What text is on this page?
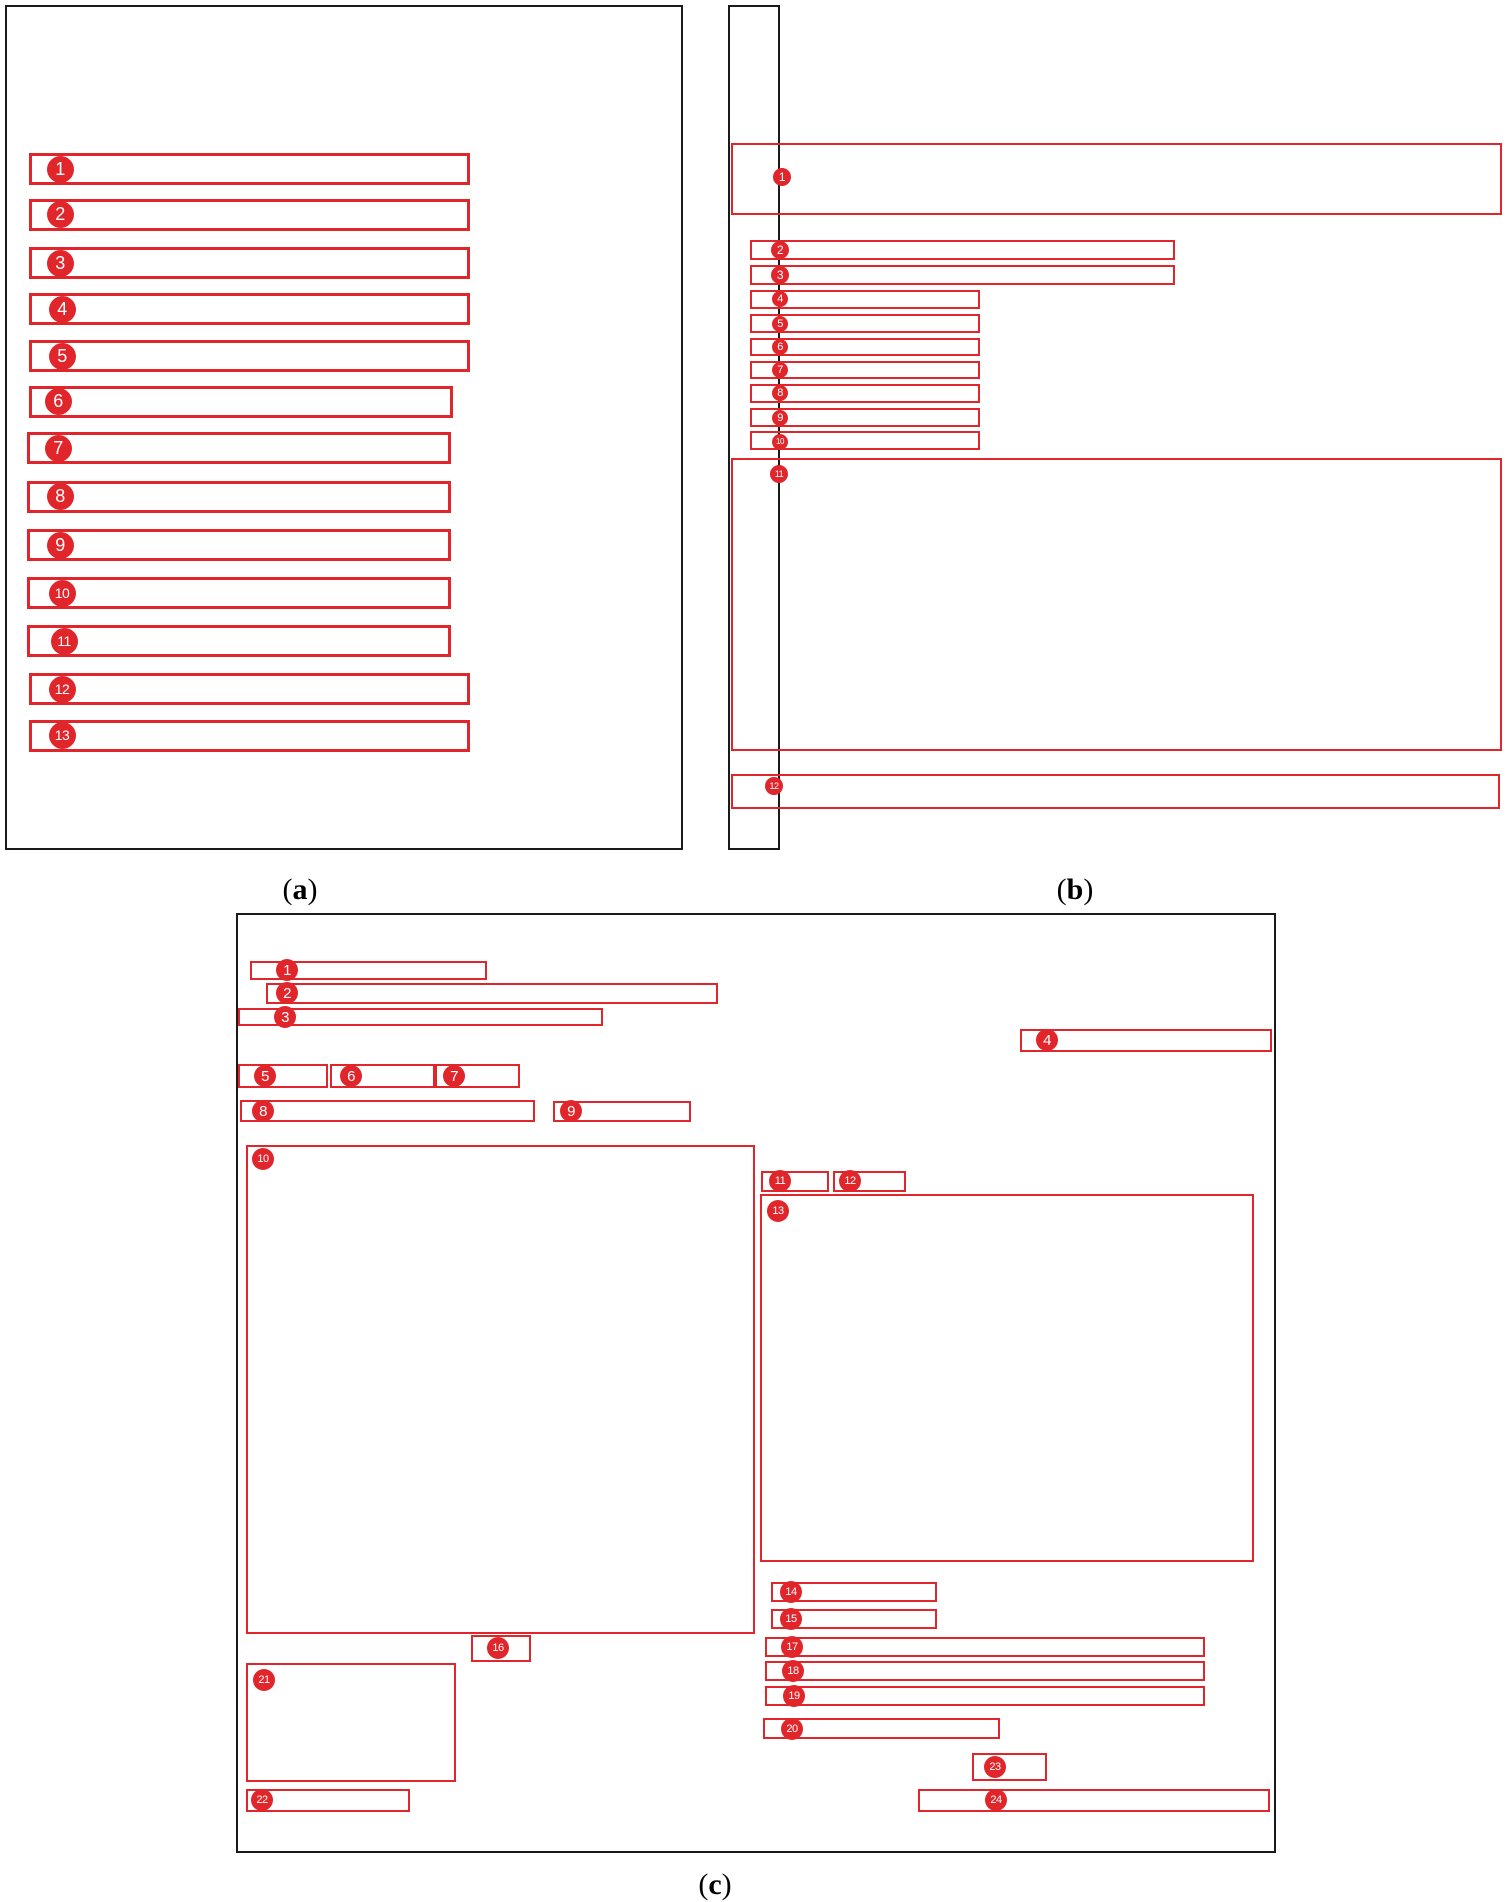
1
2
3
4
5
6
7
8
9
10
11
12
13
(a)
1
2
3
4
5
6
7
8
9
10
11
12
(b)
1
2
3
4
5	6	7
8	9
10
11	12
13
14
15
16	17
18
19
20
21
22
23
24
(c)
